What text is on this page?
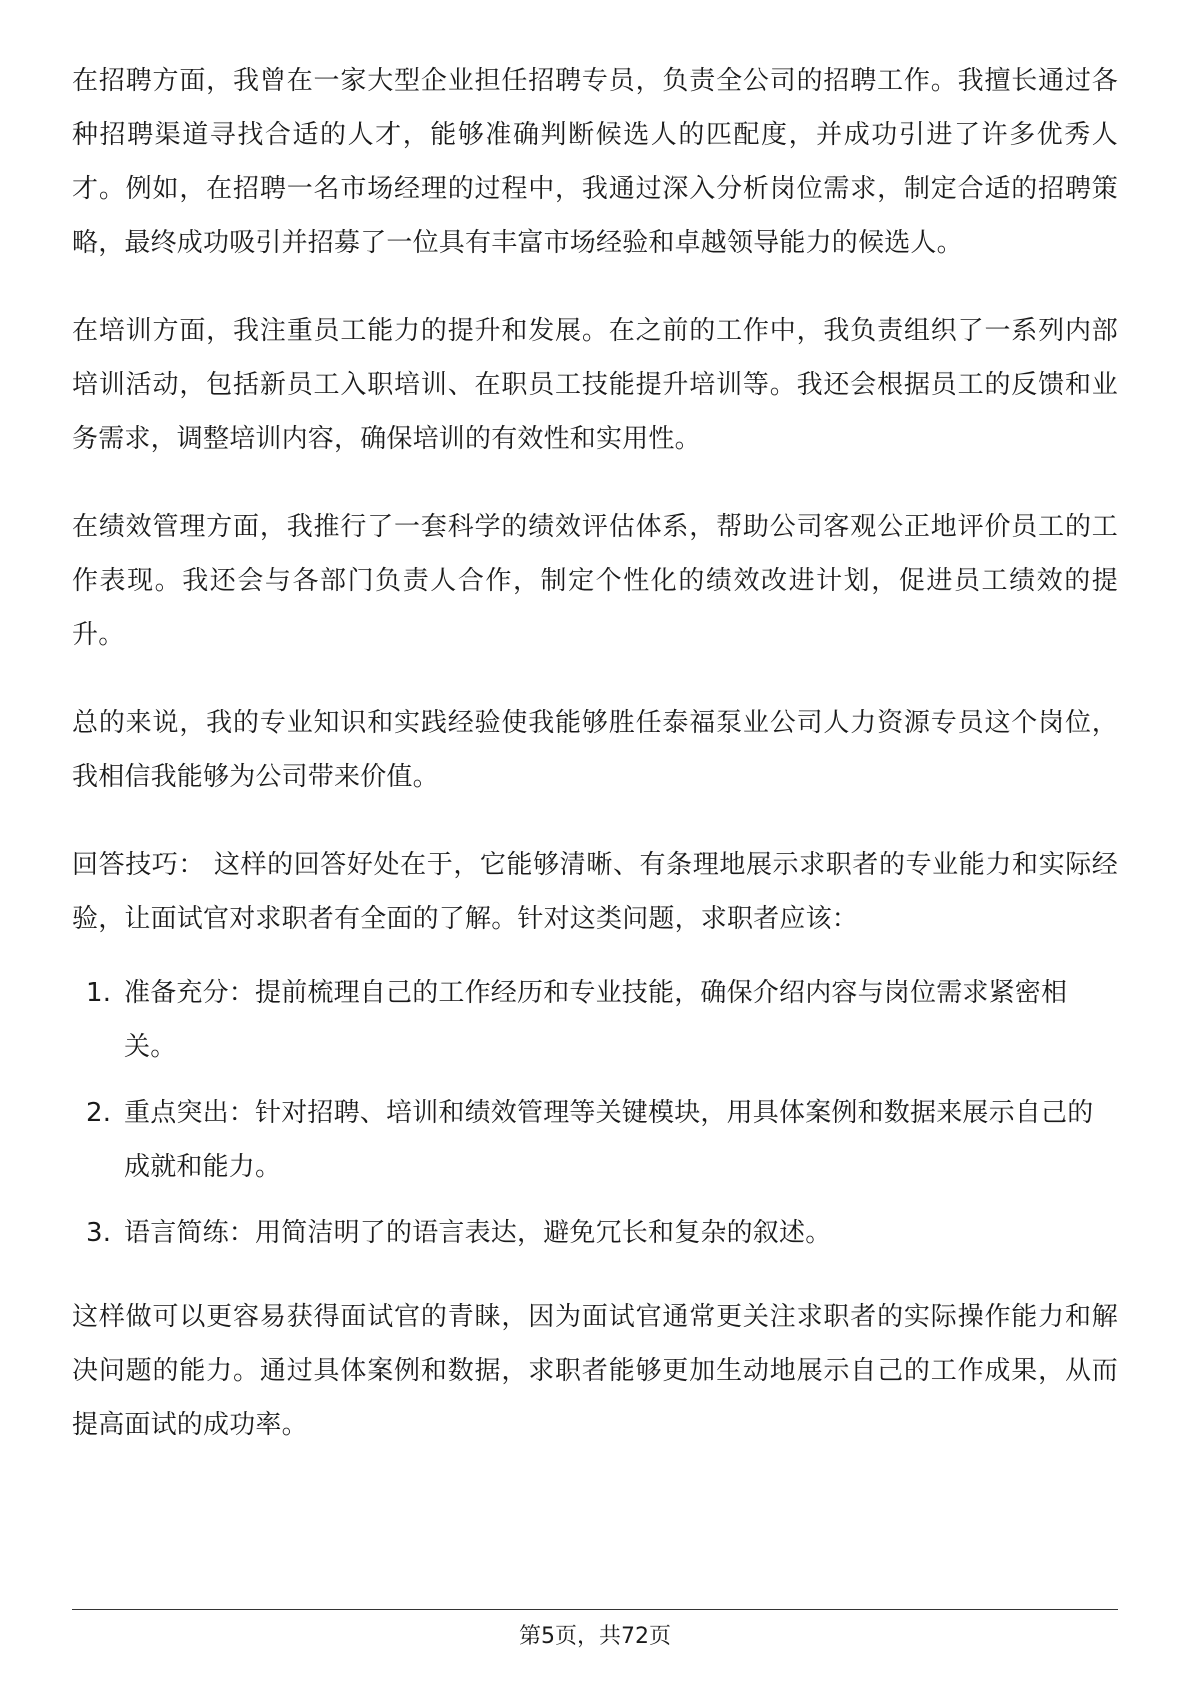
在招聘方面，我曾在一家大型企业担任招聘专员，负责全公司的招聘工作。我擅长通过各种招聘渠道寻找合适的人才，能够准确判断候选人的匹配度，并成功引进了许多优秀人才。例如，在招聘一名市场经理的过程中，我通过深入分析岗位需求，制定合适的招聘策略，最终成功吸引并招募了一位具有丰富市场经验和卓越领导能力的候选人。

在培训方面，我注重员工能力的提升和发展。在之前的工作中，我负责组织了一系列内部培训活动，包括新员工入职培训、在职员工技能提升培训等。我还会根据员工的反馈和业务需求，调整培训内容，确保培训的有效性和实用性。

在绩效管理方面，我推行了一套科学的绩效评估体系，帮助公司客观公正地评价员工的工作表现。我还会与各部门负责人合作，制定个性化的绩效改进计划，促进员工绩效的提升。

总的来说，我的专业知识和实践经验使我能够胜任泰福泵业公司人力资源专员这个岗位，我相信我能够为公司带来价值。

回答技巧： 这样的回答好处在于，它能够清晰、有条理地展示求职者的专业能力和实际经验，让面试官对求职者有全面的了解。针对这类问题，求职者应该：

1. 准备充分：提前梳理自己的工作经历和专业技能，确保介绍内容与岗位需求紧密相关。
2. 重点突出：针对招聘、培训和绩效管理等关键模块，用具体案例和数据来展示自己的成就和能力。
3. 语言简练：用简洁明了的语言表达，避免冗长和复杂的叙述。

这样做可以更容易获得面试官的青睐，因为面试官通常更关注求职者的实际操作能力和解决问题的能力。通过具体案例和数据，求职者能够更加生动地展示自己的工作成果，从而提高面试的成功率。

第5页，共72页
